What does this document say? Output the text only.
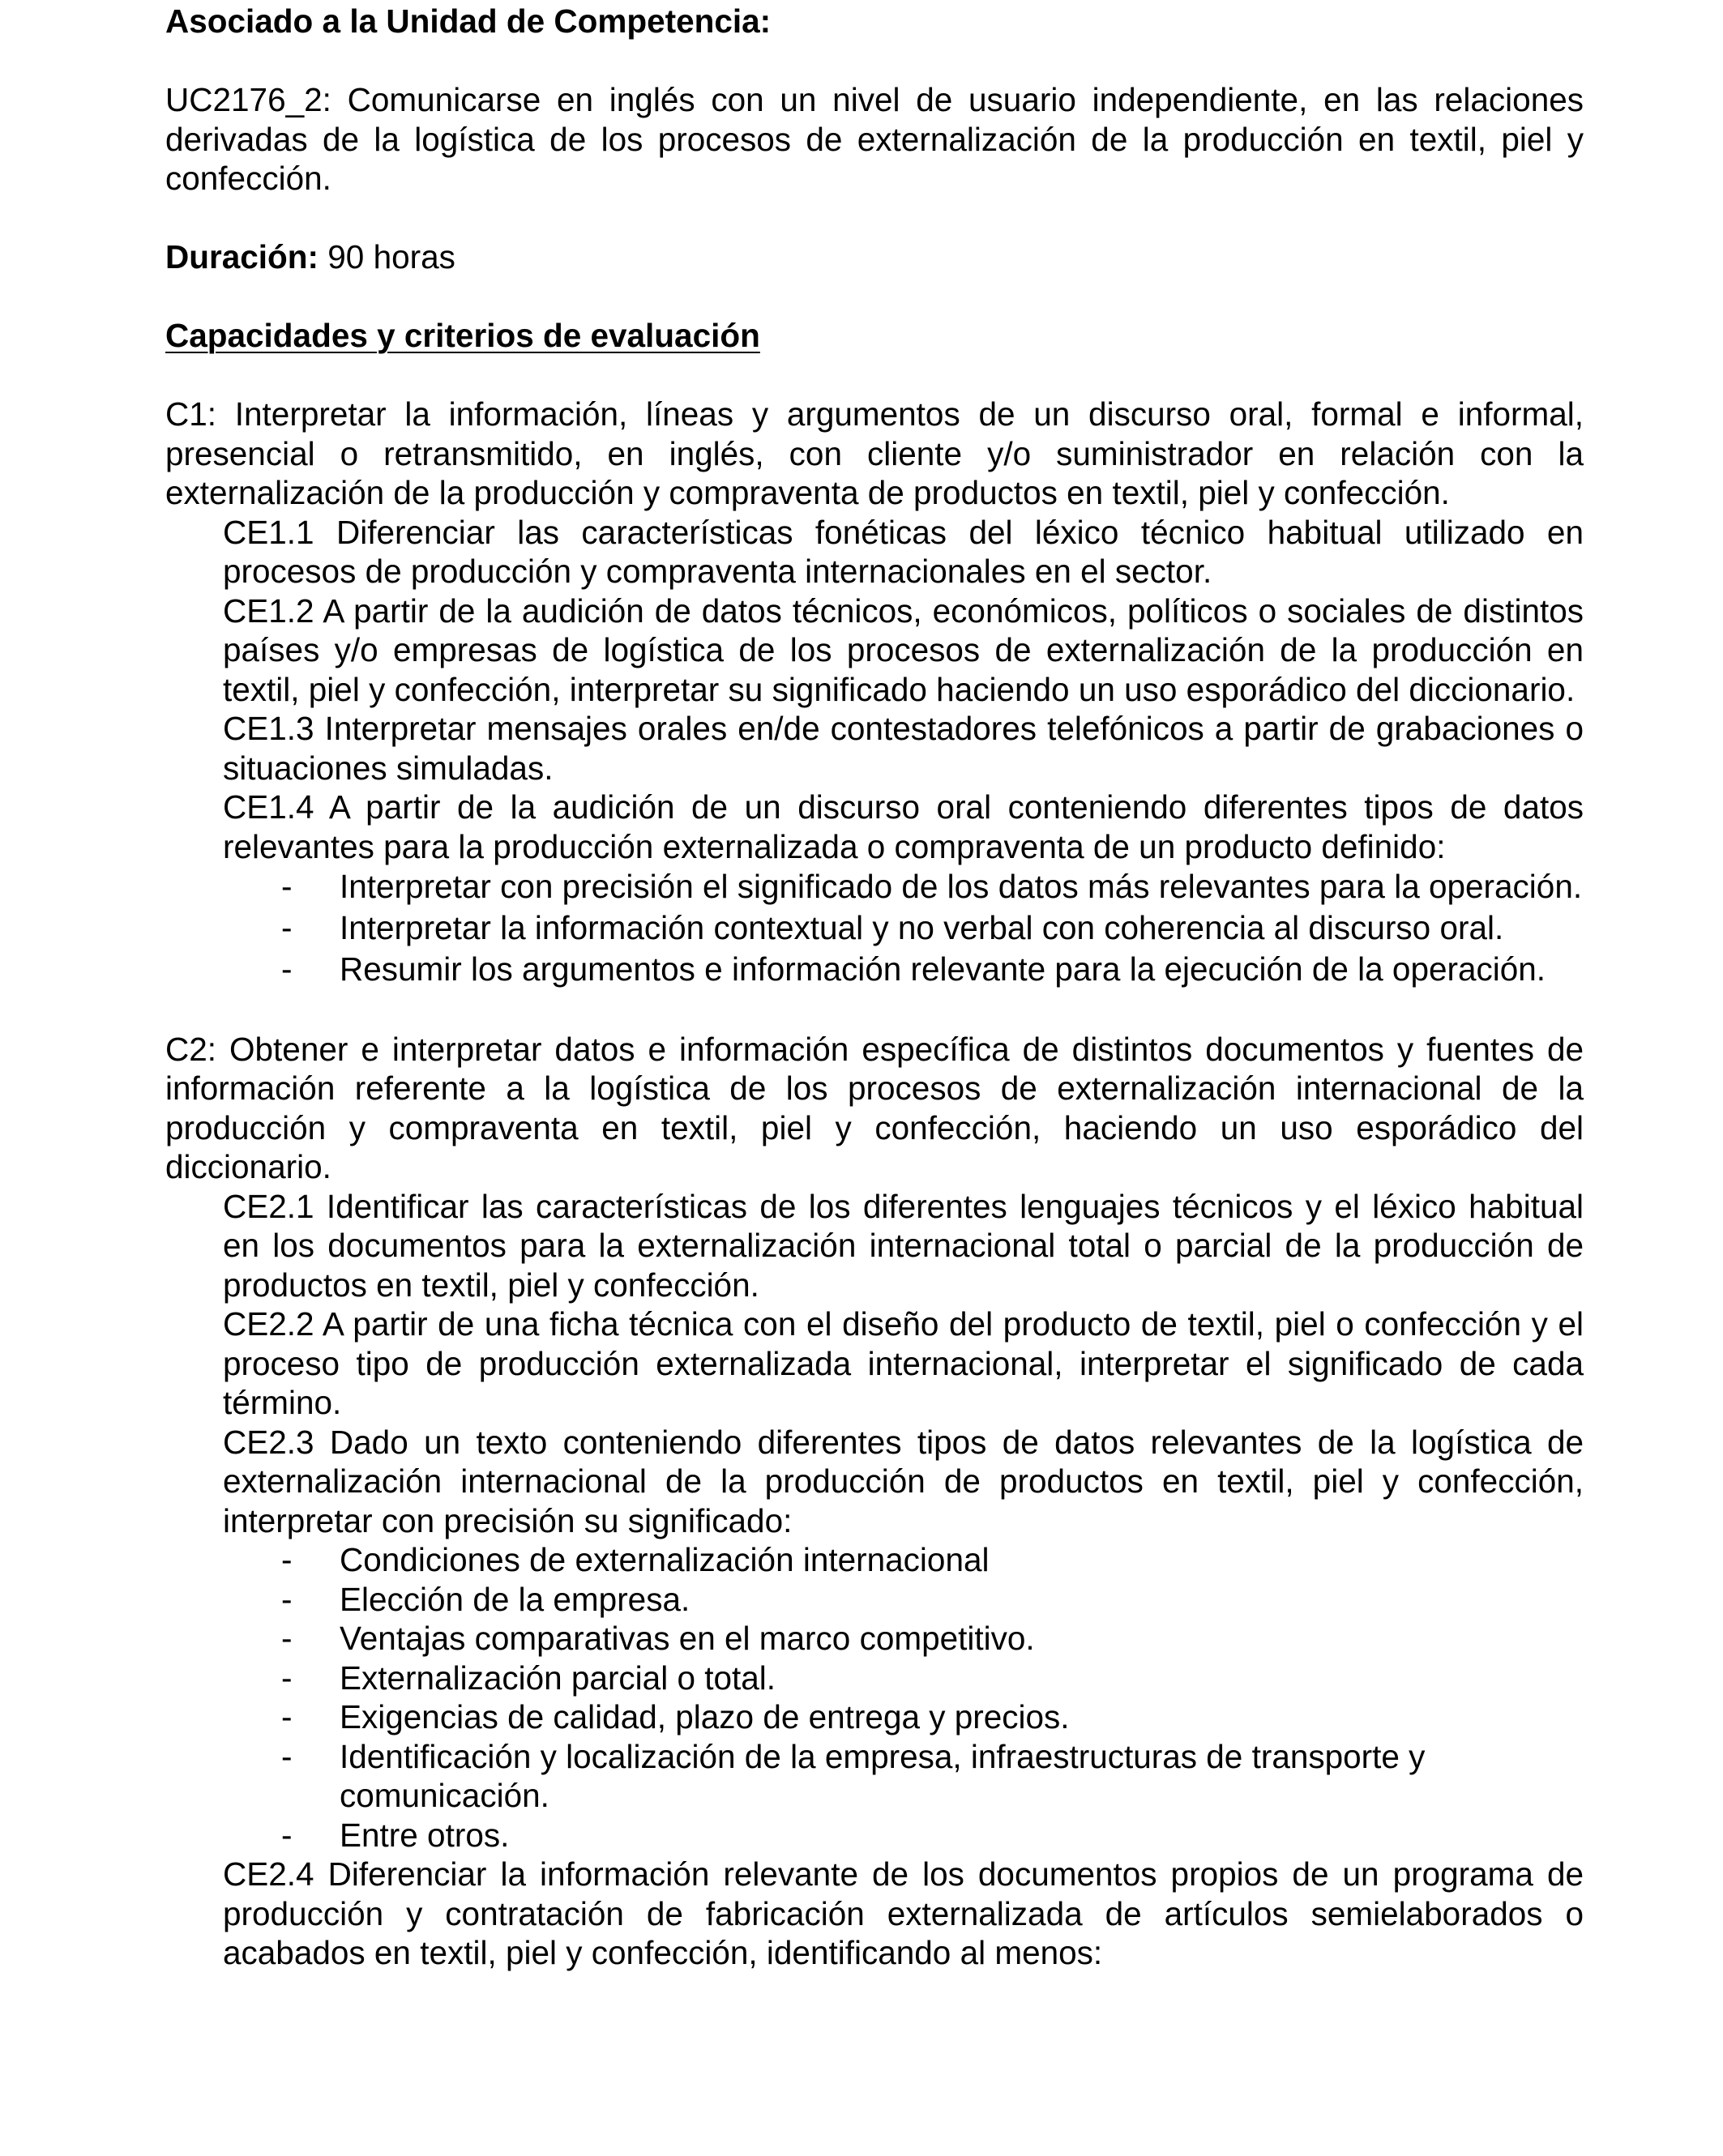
Asociado a la Unidad de Competencia:

UC2176_2: Comunicarse en inglés con un nivel de usuario independiente, en las relaciones derivadas de la logística de los procesos de externalización de la producción en textil, piel y confección.

Duración: 90 horas

Capacidades y criterios de evaluación

C1: Interpretar la información, líneas y argumentos de un discurso oral, formal e informal, presencial o retransmitido, en inglés, con cliente y/o suministrador en relación con la externalización de la producción y compraventa de productos en textil, piel y confección.

CE1.1 Diferenciar las características fonéticas del léxico técnico habitual utilizado en procesos de producción y compraventa internacionales en el sector.

CE1.2 A partir de la audición de datos técnicos, económicos, políticos o sociales de distintos países y/o empresas de logística de los procesos de externalización de la producción en textil, piel y confección, interpretar su significado haciendo un uso esporádico del diccionario.

CE1.3 Interpretar mensajes orales en/de contestadores telefónicos a partir de grabaciones o situaciones simuladas.

CE1.4 A partir de la audición de un discurso oral conteniendo diferentes tipos de datos relevantes para la producción externalizada o compraventa de un producto definido:

- Interpretar con precisión el significado de los datos más relevantes para la operación.
- Interpretar la información contextual y no verbal con coherencia al discurso oral.
- Resumir los argumentos e información relevante para la ejecución de la operación.

C2: Obtener e interpretar datos e información específica de distintos documentos y fuentes de información referente a la logística de los procesos de externalización internacional de la producción y compraventa en textil, piel y confección, haciendo un uso esporádico del diccionario.

CE2.1 Identificar las características de los diferentes lenguajes técnicos y el léxico habitual en los documentos para la externalización internacional total o parcial de la producción de productos en textil, piel y confección.

CE2.2 A partir de una ficha técnica con el diseño del producto de textil, piel o confección y el proceso tipo de producción externalizada internacional, interpretar el significado de cada término.

CE2.3 Dado un texto conteniendo diferentes tipos de datos relevantes de la logística de externalización internacional de la producción de productos en textil, piel y confección, interpretar con precisión su significado:

- Condiciones de externalización internacional
- Elección de la empresa.
- Ventajas comparativas en el marco competitivo.
- Externalización parcial o total.
- Exigencias de calidad, plazo de entrega y precios.
- Identificación y localización de la empresa, infraestructuras de transporte y comunicación.
- Entre otros.

CE2.4 Diferenciar la información relevante de los documentos propios de un programa de producción y contratación de fabricación externalizada de artículos semielaborados o acabados en textil, piel y confección, identificando al menos:
